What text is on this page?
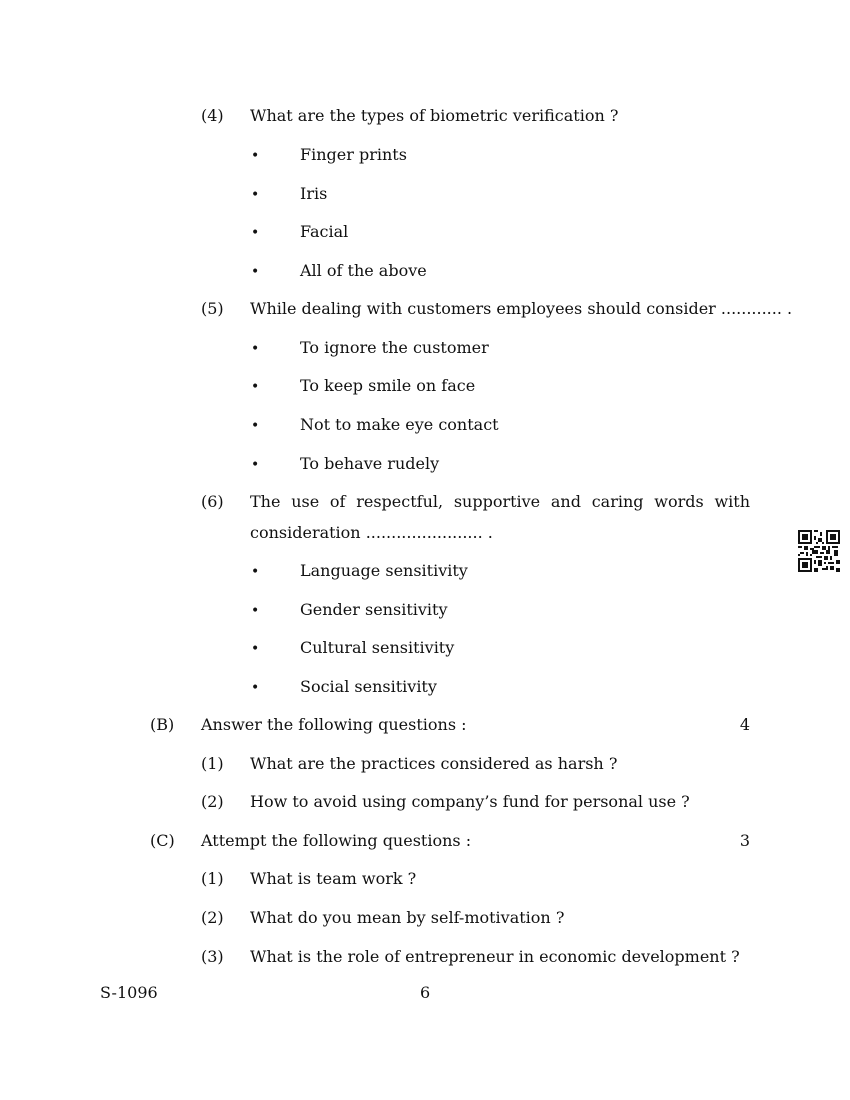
(4) What are the types of biometric verification ?
•	Finger prints
•	Iris
•	Facial
•	All of the above
(5) While dealing with customers employees should consider ............ .
•	To ignore the customer
•	To keep smile on face
•	Not to make eye contact
•	To behave rudely
(6) The use of respectful, supportive and caring words with
consideration ....................... .
•	Language sensitivity
•	Gender sensitivity
•	Cultural sensitivity
•	Social sensitivity
(B) Answer the following questions :	4
(1) What are the practices considered as harsh ?
(2) How to avoid using company’s fund for personal use ?
(C) Attempt the following questions :	3
(1) What is team work ?
(2) What do you mean by self-motivation ?
(3) What is the role of entrepreneur in economic development ?
S-1096	6
